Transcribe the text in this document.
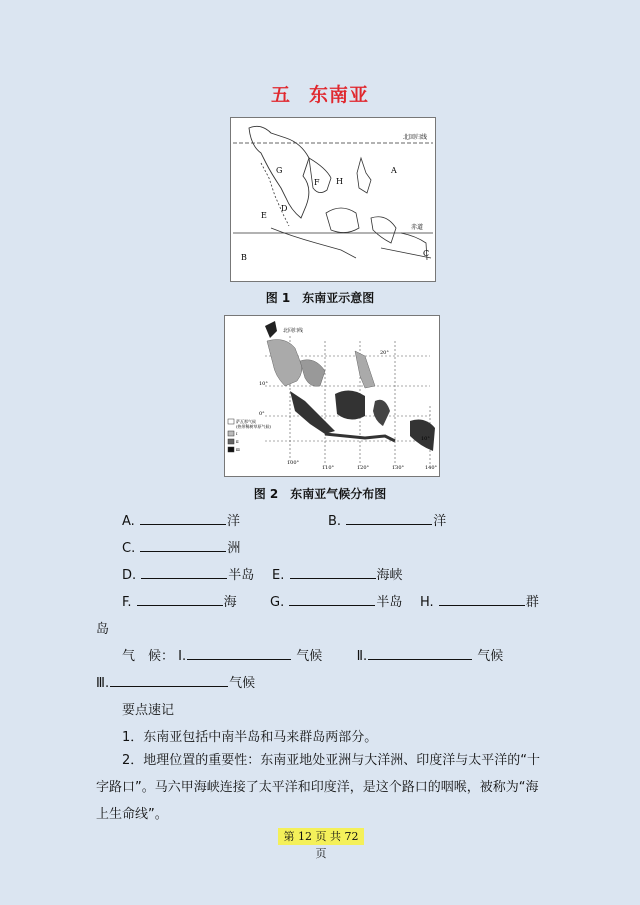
五 东南亚
北回归线
赤道
A
B	C
D
E
F
G
H
图 1　东南亚示意图
北回归线
100°
110°	120°	130°	140°
20°
10°
0°
10°
萨瓦那气候
(热带稀树草原气候)
Ⅰ
Ⅱ
Ⅲ
图 2　东南亚气候分布图
A.	洋	B.	洋
C.	洲
D.	半岛 E.	海峡
F.	海	G.	半岛 H.	群
岛
气　候： Ⅰ.	气候	Ⅱ.	气候
Ⅲ.	气候
要点速记
1．东南亚包括中南半岛和马来群岛两部分。
2．地理位置的重要性：东南亚地处亚洲与大洋洲、印度洋与太平洋的“十字路口”。马六甲海峡连接了太平洋和印度洋，是这个路口的咽喉，被称为“海上生命线”。
第 12 页 共 72 页
